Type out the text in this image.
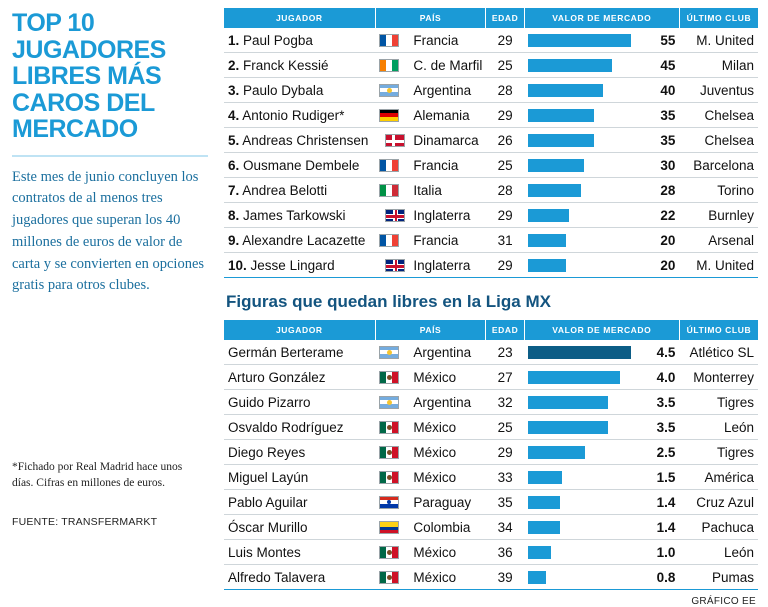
TOP 10
JUGADORES
LIBRES MÁS
CAROS DEL
MERCADO

Este mes de junio concluyen los contratos de al menos tres jugadores que superan los 40 millones de euros de valor de carta y se convierten en opciones gratis para otros clubes.

*Fichado por Real Madrid hace unos días. Cifras en millones de euros.
FUENTE: TRANSFERMARKT
JUGADOR	PAÍS		EDAD	VALOR DE MERCADO		ÚLTIMO CLUB
1. Paul Pogba		Francia	29		55	M. United
2. Franck Kessié		C. de Marfil	25		45	Milan
3. Paulo Dybala		Argentina	28		40	Juventus
4. Antonio Rudiger*		Alemania	29		35	Chelsea
5. Andreas Christensen		Dinamarca	26		35	Chelsea
6. Ousmane Dembele		Francia	25		30	Barcelona
7. Andrea Belotti		Italia	28		28	Torino
8. James Tarkowski		Inglaterra	29		22	Burnley
9. Alexandre Lacazette		Francia	31		20	Arsenal
10. Jesse Lingard		Inglaterra	29		20	M. United
Figuras que quedan libres en la Liga MX
JUGADOR	PAÍS		EDAD	VALOR DE MERCADO		ÚLTIMO CLUB
Germán Berterame		Argentina	23		4.5	Atlético SL
Arturo González		México	27		4.0	Monterrey
Guido Pizarro		Argentina	32		3.5	Tigres
Osvaldo Rodríguez		México	25		3.5	León
Diego Reyes		México	29		2.5	Tigres
Miguel Layún		México	33		1.5	América
Pablo Aguilar		Paraguay	35		1.4	Cruz Azul
Óscar Murillo		Colombia	34		1.4	Pachuca
Luis Montes		México	36		1.0	León
Alfredo Talavera		México	39		0.8	Pumas
GRÁFICO EE
